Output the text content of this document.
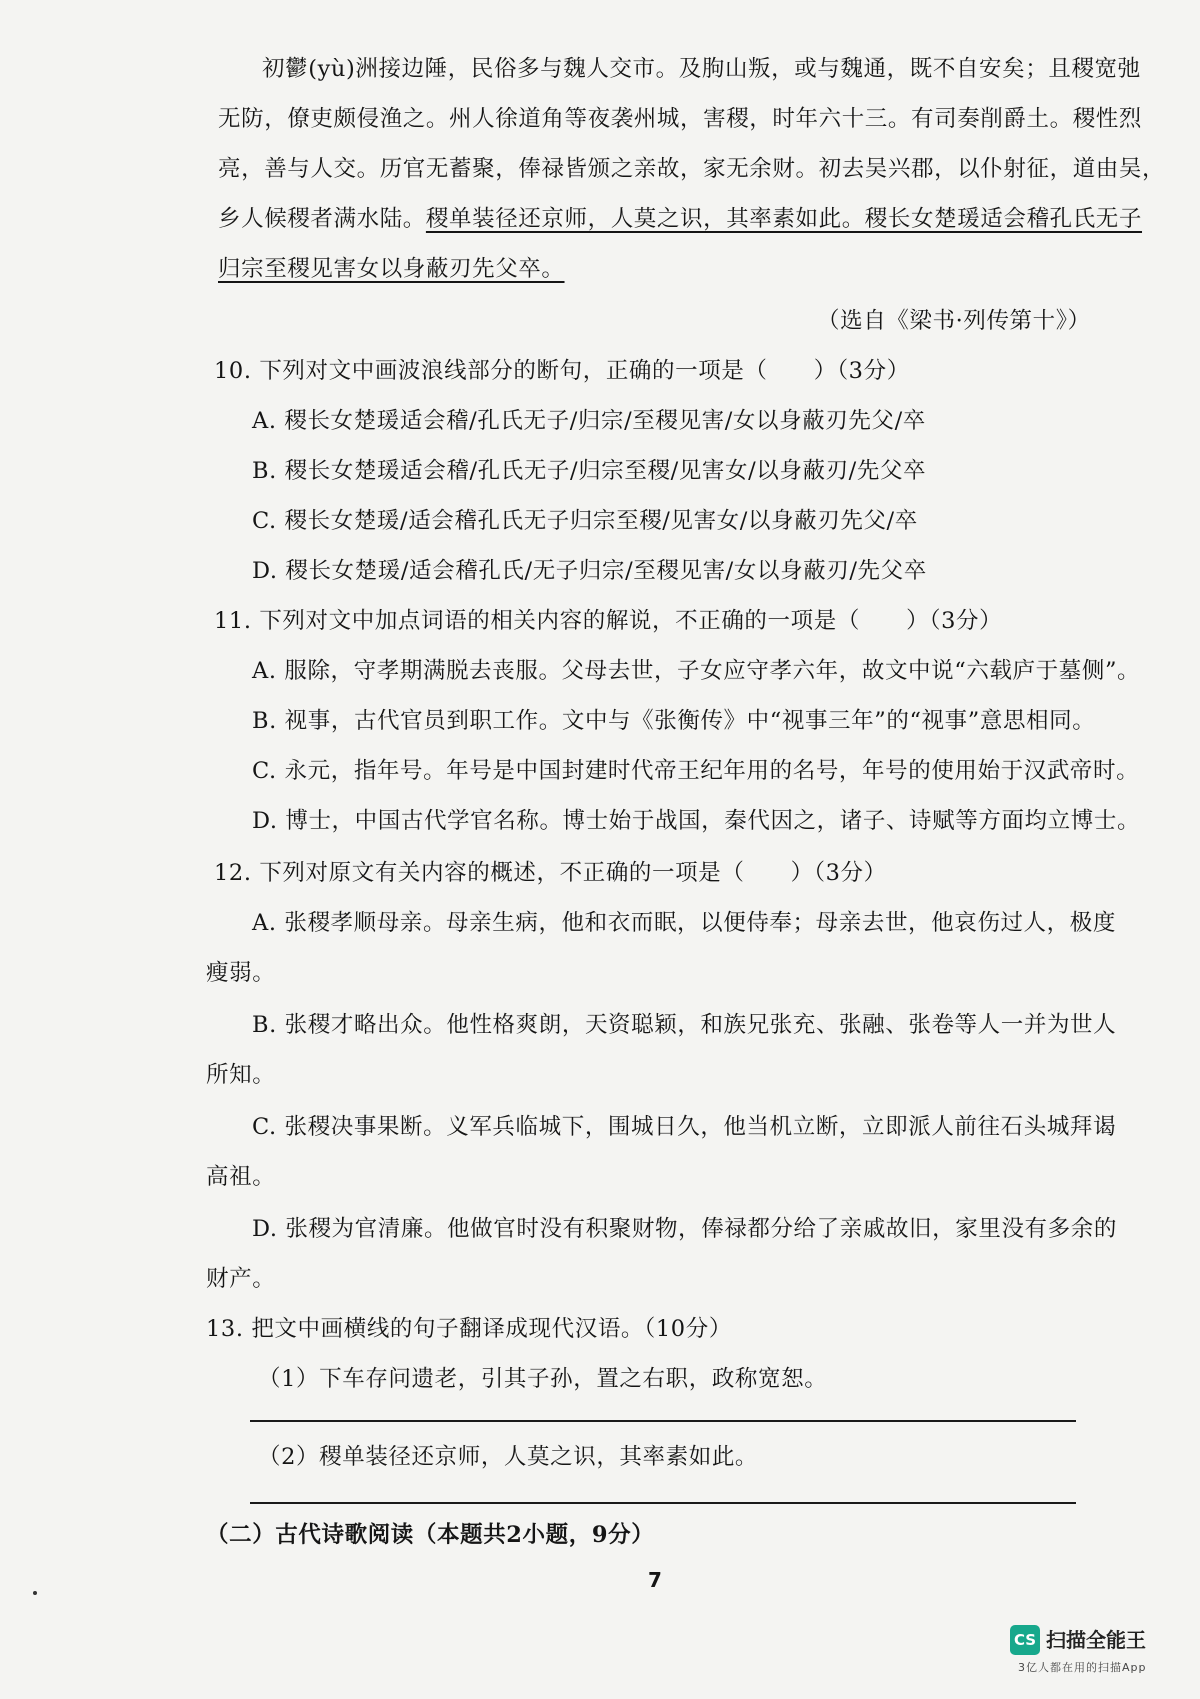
初鬱(yù)洲接边陲，民俗多与魏人交市。及朐山叛，或与魏通，既不自安矣；且稷宽弛
无防，僚吏颇侵渔之。州人徐道角等夜袭州城，害稷，时年六十三。有司奏削爵土。稷性烈
亮，善与人交。历官无蓄聚，俸禄皆颁之亲故，家无余财。初去吴兴郡，以仆射征，道由吴，
乡人候稷者满水陆。稷单装径还京师，人莫之识，其率素如此。稷长女楚瑗适会稽孔氏无子
归宗至稷见害女以身蔽刃先父卒。
（选自《梁书·列传第十》）
10. 下列对文中画波浪线部分的断句，正确的一项是（　　）（3分）
A. 稷长女楚瑗适会稽/孔氏无子/归宗/至稷见害/女以身蔽刃先父/卒
B. 稷长女楚瑗适会稽/孔氏无子/归宗至稷/见害女/以身蔽刃/先父卒
C. 稷长女楚瑗/适会稽孔氏无子归宗至稷/见害女/以身蔽刃先父/卒
D. 稷长女楚瑗/适会稽孔氏/无子归宗/至稷见害/女以身蔽刃/先父卒
11. 下列对文中加点词语的相关内容的解说，不正确的一项是（　　）（3分）
A. 服除，守孝期满脱去丧服。父母去世，子女应守孝六年，故文中说“六载庐于墓侧”。
B. 视事，古代官员到职工作。文中与《张衡传》中“视事三年”的“视事”意思相同。
C. 永元，指年号。年号是中国封建时代帝王纪年用的名号，年号的使用始于汉武帝时。
D. 博士，中国古代学官名称。博士始于战国，秦代因之，诸子、诗赋等方面均立博士。
12. 下列对原文有关内容的概述，不正确的一项是（　　）（3分）
A. 张稷孝顺母亲。母亲生病，他和衣而眠，以便侍奉；母亲去世，他哀伤过人，极度
瘦弱。
B. 张稷才略出众。他性格爽朗，天资聪颖，和族兄张充、张融、张卷等人一并为世人
所知。
C. 张稷决事果断。义军兵临城下，围城日久，他当机立断，立即派人前往石头城拜谒
高祖。
D. 张稷为官清廉。他做官时没有积聚财物，俸禄都分给了亲戚故旧，家里没有多余的
财产。
13. 把文中画横线的句子翻译成现代汉语。（10分）
（1）下车存问遗老，引其子孙，置之右职，政称宽恕。
（2）稷单装径还京师，人莫之识，其率素如此。
（二）古代诗歌阅读（本题共2小题，9分）
7
CS 扫描全能王
3亿人都在用的扫描App
